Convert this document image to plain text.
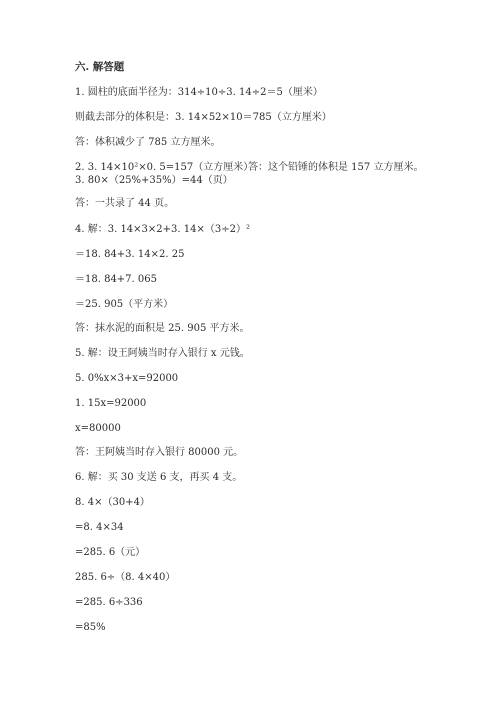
六. 解答题
1. 圆柱的底面半径为：314÷10÷3. 14÷2＝5（厘米）
则截去部分的体积是：3. 14×52×10＝785（立方厘米）
答：体积减少了 785 立方厘米。
2. 3. 14×10²×0. 5=157（立方厘米）
答：这个铅锤的体积是 157 立方厘米。
3. 80×（25%+35%）=44（页）
答：一共录了 44 页。
4. 解：3. 14×3×2+3. 14×（3÷2）²
＝18. 84+3. 14×2. 25
＝18. 84+7. 065
＝25. 905（平方米）
答：抹水泥的面积是 25. 905 平方米。
5. 解：设王阿姨当时存入银行 x 元钱。
5. 0%x×3+x=92000
1. 15x=92000
x=80000
答：王阿姨当时存入银行 80000 元。
6. 解：买 30 支送 6 支，再买 4 支。
8. 4×（30+4）
=8. 4×34
=285. 6（元）
285. 6÷（8. 4×40）
=285. 6÷336
=85%
